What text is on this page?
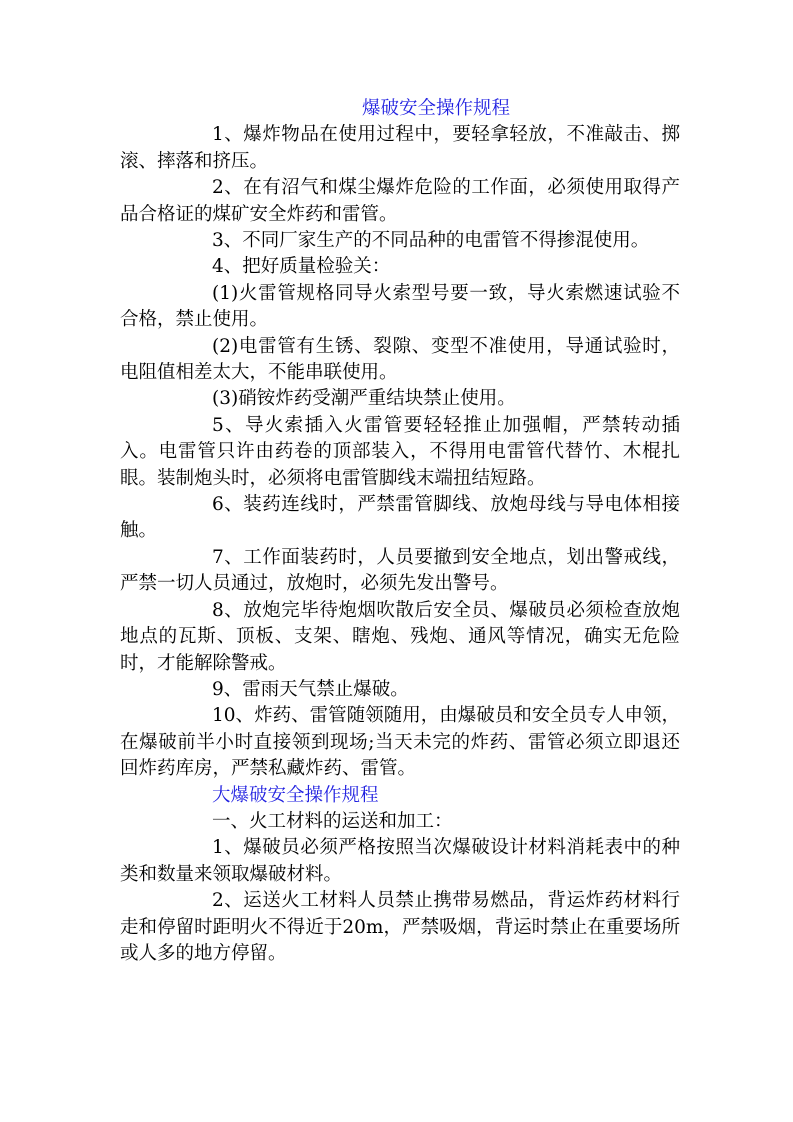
爆破安全操作规程

1、爆炸物品在使用过程中，要轻拿轻放，不准敲击、掷滚、摔落和挤压。

2、在有沼气和煤尘爆炸危险的工作面，必须使用取得产品合格证的煤矿安全炸药和雷管。

3、不同厂家生产的不同品种的电雷管不得掺混使用。

4、把好质量检验关：

(1)火雷管规格同导火索型号要一致，导火索燃速试验不合格，禁止使用。

(2)电雷管有生锈、裂隙、变型不准使用，导通试验时，电阻值相差太大，不能串联使用。

(3)硝铵炸药受潮严重结块禁止使用。

5、导火索插入火雷管要轻轻推止加强帽，严禁转动插入。电雷管只许由药卷的顶部装入，不得用电雷管代替竹、木棍扎眼。装制炮头时，必须将电雷管脚线末端扭结短路。

6、装药连线时，严禁雷管脚线、放炮母线与导电体相接触。

7、工作面装药时，人员要撤到安全地点，划出警戒线，严禁一切人员通过，放炮时，必须先发出警号。

8、放炮完毕待炮烟吹散后安全员、爆破员必须检查放炮地点的瓦斯、顶板、支架、瞎炮、残炮、通风等情况，确实无危险时，才能解除警戒。

9、雷雨天气禁止爆破。

10、炸药、雷管随领随用，由爆破员和安全员专人申领，在爆破前半小时直接领到现场;当天未完的炸药、雷管必须立即退还回炸药库房，严禁私藏炸药、雷管。

大爆破安全操作规程

一、火工材料的运送和加工：

1、爆破员必须严格按照当次爆破设计材料消耗表中的种类和数量来领取爆破材料。

2、运送火工材料人员禁止携带易燃品，背运炸药材料行走和停留时距明火不得近于20m，严禁吸烟，背运时禁止在重要场所或人多的地方停留。
